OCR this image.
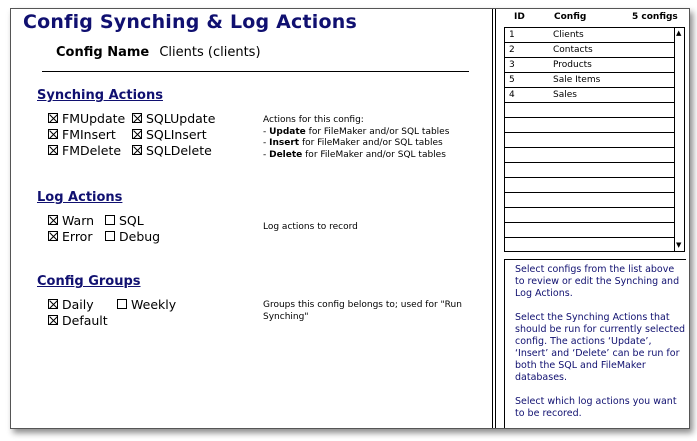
Config Synching & Log Actions
Config Name Clients (clients)
Synching Actions
FMUpdate SQLUpdate
FMInsert SQLInsert
FMDelete SQLDelete
Actions for this config:
- Update for FileMaker and/or SQL tables
- Insert for FileMaker and/or SQL tables
- Delete for FileMaker and/or SQL tables
Log Actions
Warn SQL
Error Debug
Log actions to record
Config Groups
Daily	Weekly
Default
Groups this config belongs to; used for "Run
Synching"
ID	Config	5 configs
1	Clients
2	Contacts
3	Products
5	Sale Items
4	Sales
▲
▼

Select configs from the list above to review or edit the Synching and Log Actions.

Select the Synching Actions that should be run for currently selected config. The actions ‘Update’, ‘Insert’ and ‘Delete’ can be run for both the SQL and FileMaker databases.

Select which log actions you want to be recored.
